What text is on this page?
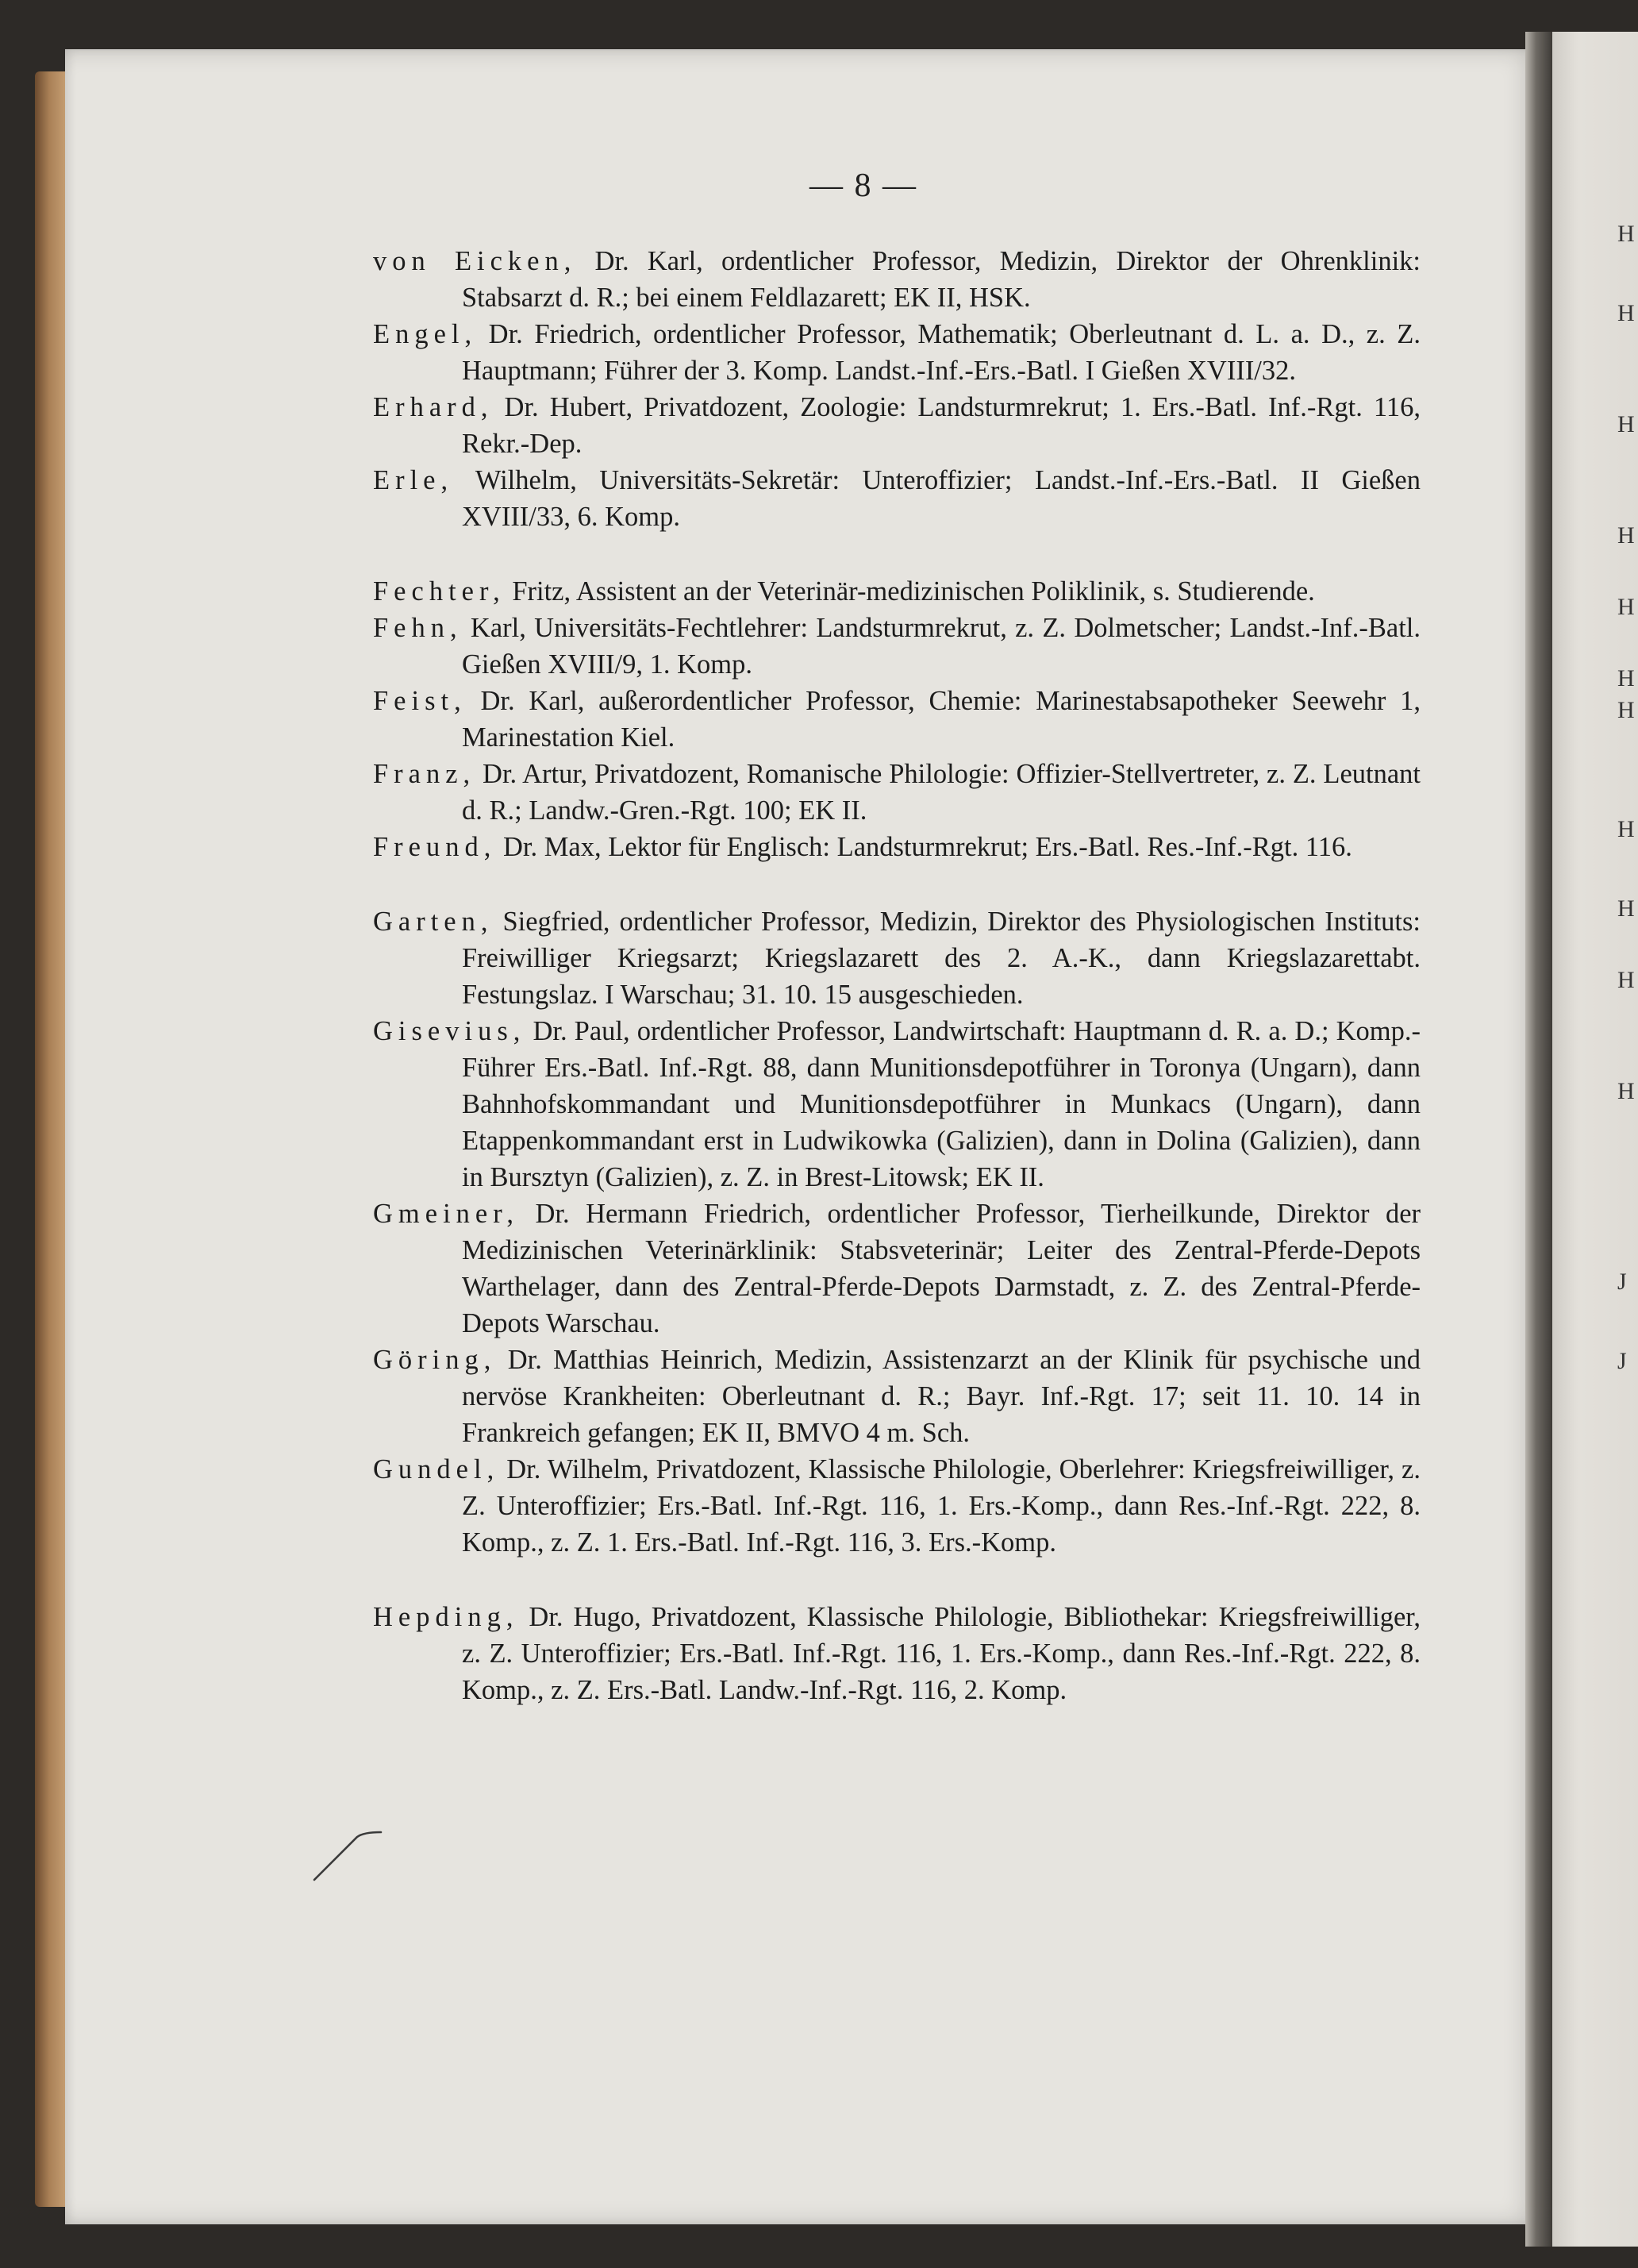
H
H
H
H
H
H
H
H
H
H
H
J
J
— 8 —
von Eicken, Dr. Karl, ordentlicher Professor, Medizin, Direktor der Ohrenklinik: Stabsarzt d. R.; bei einem Feldlazarett; EK II, HSK.
Engel, Dr. Friedrich, ordentlicher Professor, Mathematik; Oberleutnant d. L. a. D., z. Z. Hauptmann; Führer der 3. Komp. Landst.-Inf.-Ers.-Batl. I Gießen XVIII/32.
Erhard, Dr. Hubert, Privatdozent, Zoologie: Landsturmrekrut; 1. Ers.-Batl. Inf.-Rgt. 116, Rekr.-Dep.
Erle, Wilhelm, Universitäts-Sekretär: Unteroffizier; Landst.-Inf.-Ers.-Batl. II Gießen XVIII/33, 6. Komp.
Fechter, Fritz, Assistent an der Veterinär-medizinischen Poliklinik, s. Studierende.
Fehn, Karl, Universitäts-Fechtlehrer: Landsturmrekrut, z. Z. Dolmetscher; Landst.-Inf.-Batl. Gießen XVIII/9, 1. Komp.
Feist, Dr. Karl, außerordentlicher Professor, Chemie: Marinestabsapotheker Seewehr 1, Marinestation Kiel.
Franz, Dr. Artur, Privatdozent, Romanische Philologie: Offizier-Stellvertreter, z. Z. Leutnant d. R.; Landw.-Gren.-Rgt. 100; EK II.
Freund, Dr. Max, Lektor für Englisch: Landsturmrekrut; Ers.-Batl. Res.-Inf.-Rgt. 116.
Garten, Siegfried, ordentlicher Professor, Medizin, Direktor des Physiologischen Instituts: Freiwilliger Kriegsarzt; Kriegslazarett des 2. A.-K., dann Kriegslazarettabt. Festungslaz. I Warschau; 31. 10. 15 ausgeschieden.
Gisevius, Dr. Paul, ordentlicher Professor, Landwirtschaft: Hauptmann d. R. a. D.; Komp.-Führer Ers.-Batl. Inf.-Rgt. 88, dann Munitionsdepotführer in Toronya (Ungarn), dann Bahnhofskommandant und Munitionsdepotführer in Munkacs (Ungarn), dann Etappenkommandant erst in Ludwikowka (Galizien), dann in Dolina (Galizien), dann in Bursztyn (Galizien), z. Z. in Brest-Litowsk; EK II.
Gmeiner, Dr. Hermann Friedrich, ordentlicher Professor, Tierheilkunde, Direktor der Medizinischen Veterinärklinik: Stabsveterinär; Leiter des Zentral-Pferde-Depots Warthelager, dann des Zentral-Pferde-Depots Darmstadt, z. Z. des Zentral-Pferde-Depots Warschau.
Göring, Dr. Matthias Heinrich, Medizin, Assistenzarzt an der Klinik für psychische und nervöse Krankheiten: Oberleutnant d. R.; Bayr. Inf.-Rgt. 17; seit 11. 10. 14 in Frankreich gefangen; EK II, BMVO 4 m. Sch.
Gundel, Dr. Wilhelm, Privatdozent, Klassische Philologie, Oberlehrer: Kriegsfreiwilliger, z. Z. Unteroffizier; Ers.-Batl. Inf.-Rgt. 116, 1. Ers.-Komp., dann Res.-Inf.-Rgt. 222, 8. Komp., z. Z. 1. Ers.-Batl. Inf.-Rgt. 116, 3. Ers.-Komp.
Hepding, Dr. Hugo, Privatdozent, Klassische Philologie, Bibliothekar: Kriegsfreiwilliger, z. Z. Unteroffizier; Ers.-Batl. Inf.-Rgt. 116, 1. Ers.-Komp., dann Res.-Inf.-Rgt. 222, 8. Komp., z. Z. Ers.-Batl. Landw.-Inf.-Rgt. 116, 2. Komp.
